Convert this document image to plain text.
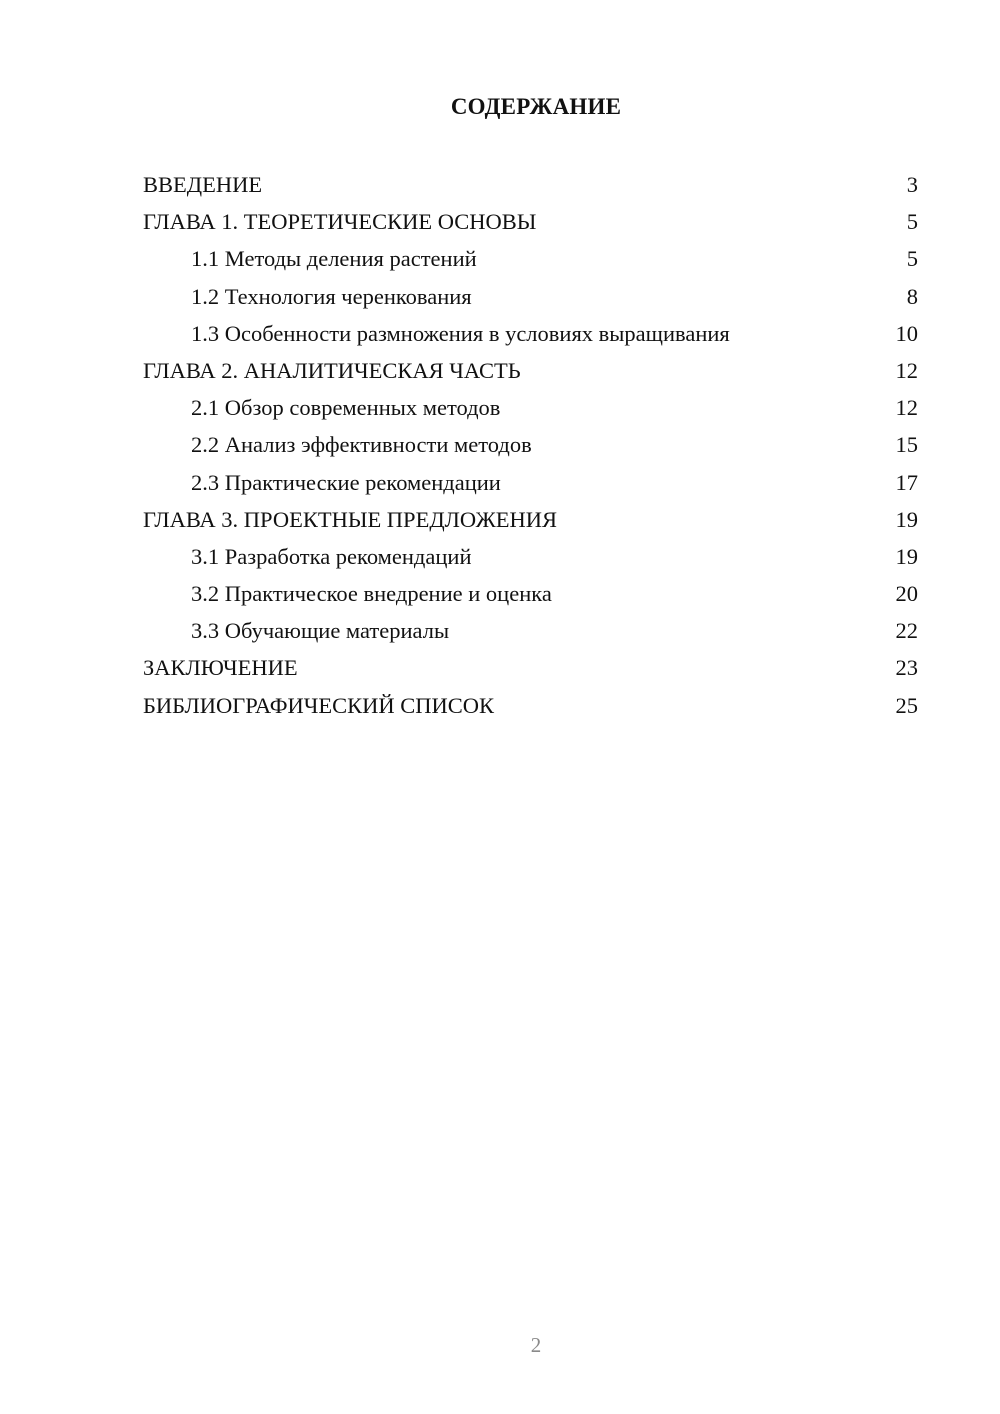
СОДЕРЖАНИЕ
ВВЕДЕНИЕ	3
ГЛАВА 1. ТЕОРЕТИЧЕСКИЕ ОСНОВЫ	5
1.1 Методы деления растений	5
1.2 Технология черенкования	8
1.3 Особенности размножения в условиях выращивания	10
ГЛАВА 2. АНАЛИТИЧЕСКАЯ ЧАСТЬ	12
2.1 Обзор современных методов	12
2.2 Анализ эффективности методов	15
2.3 Практические рекомендации	17
ГЛАВА 3. ПРОЕКТНЫЕ ПРЕДЛОЖЕНИЯ	19
3.1 Разработка рекомендаций	19
3.2 Практическое внедрение и оценка	20
3.3 Обучающие материалы	22
ЗАКЛЮЧЕНИЕ	23
БИБЛИОГРАФИЧЕСКИЙ СПИСОК	25
2
